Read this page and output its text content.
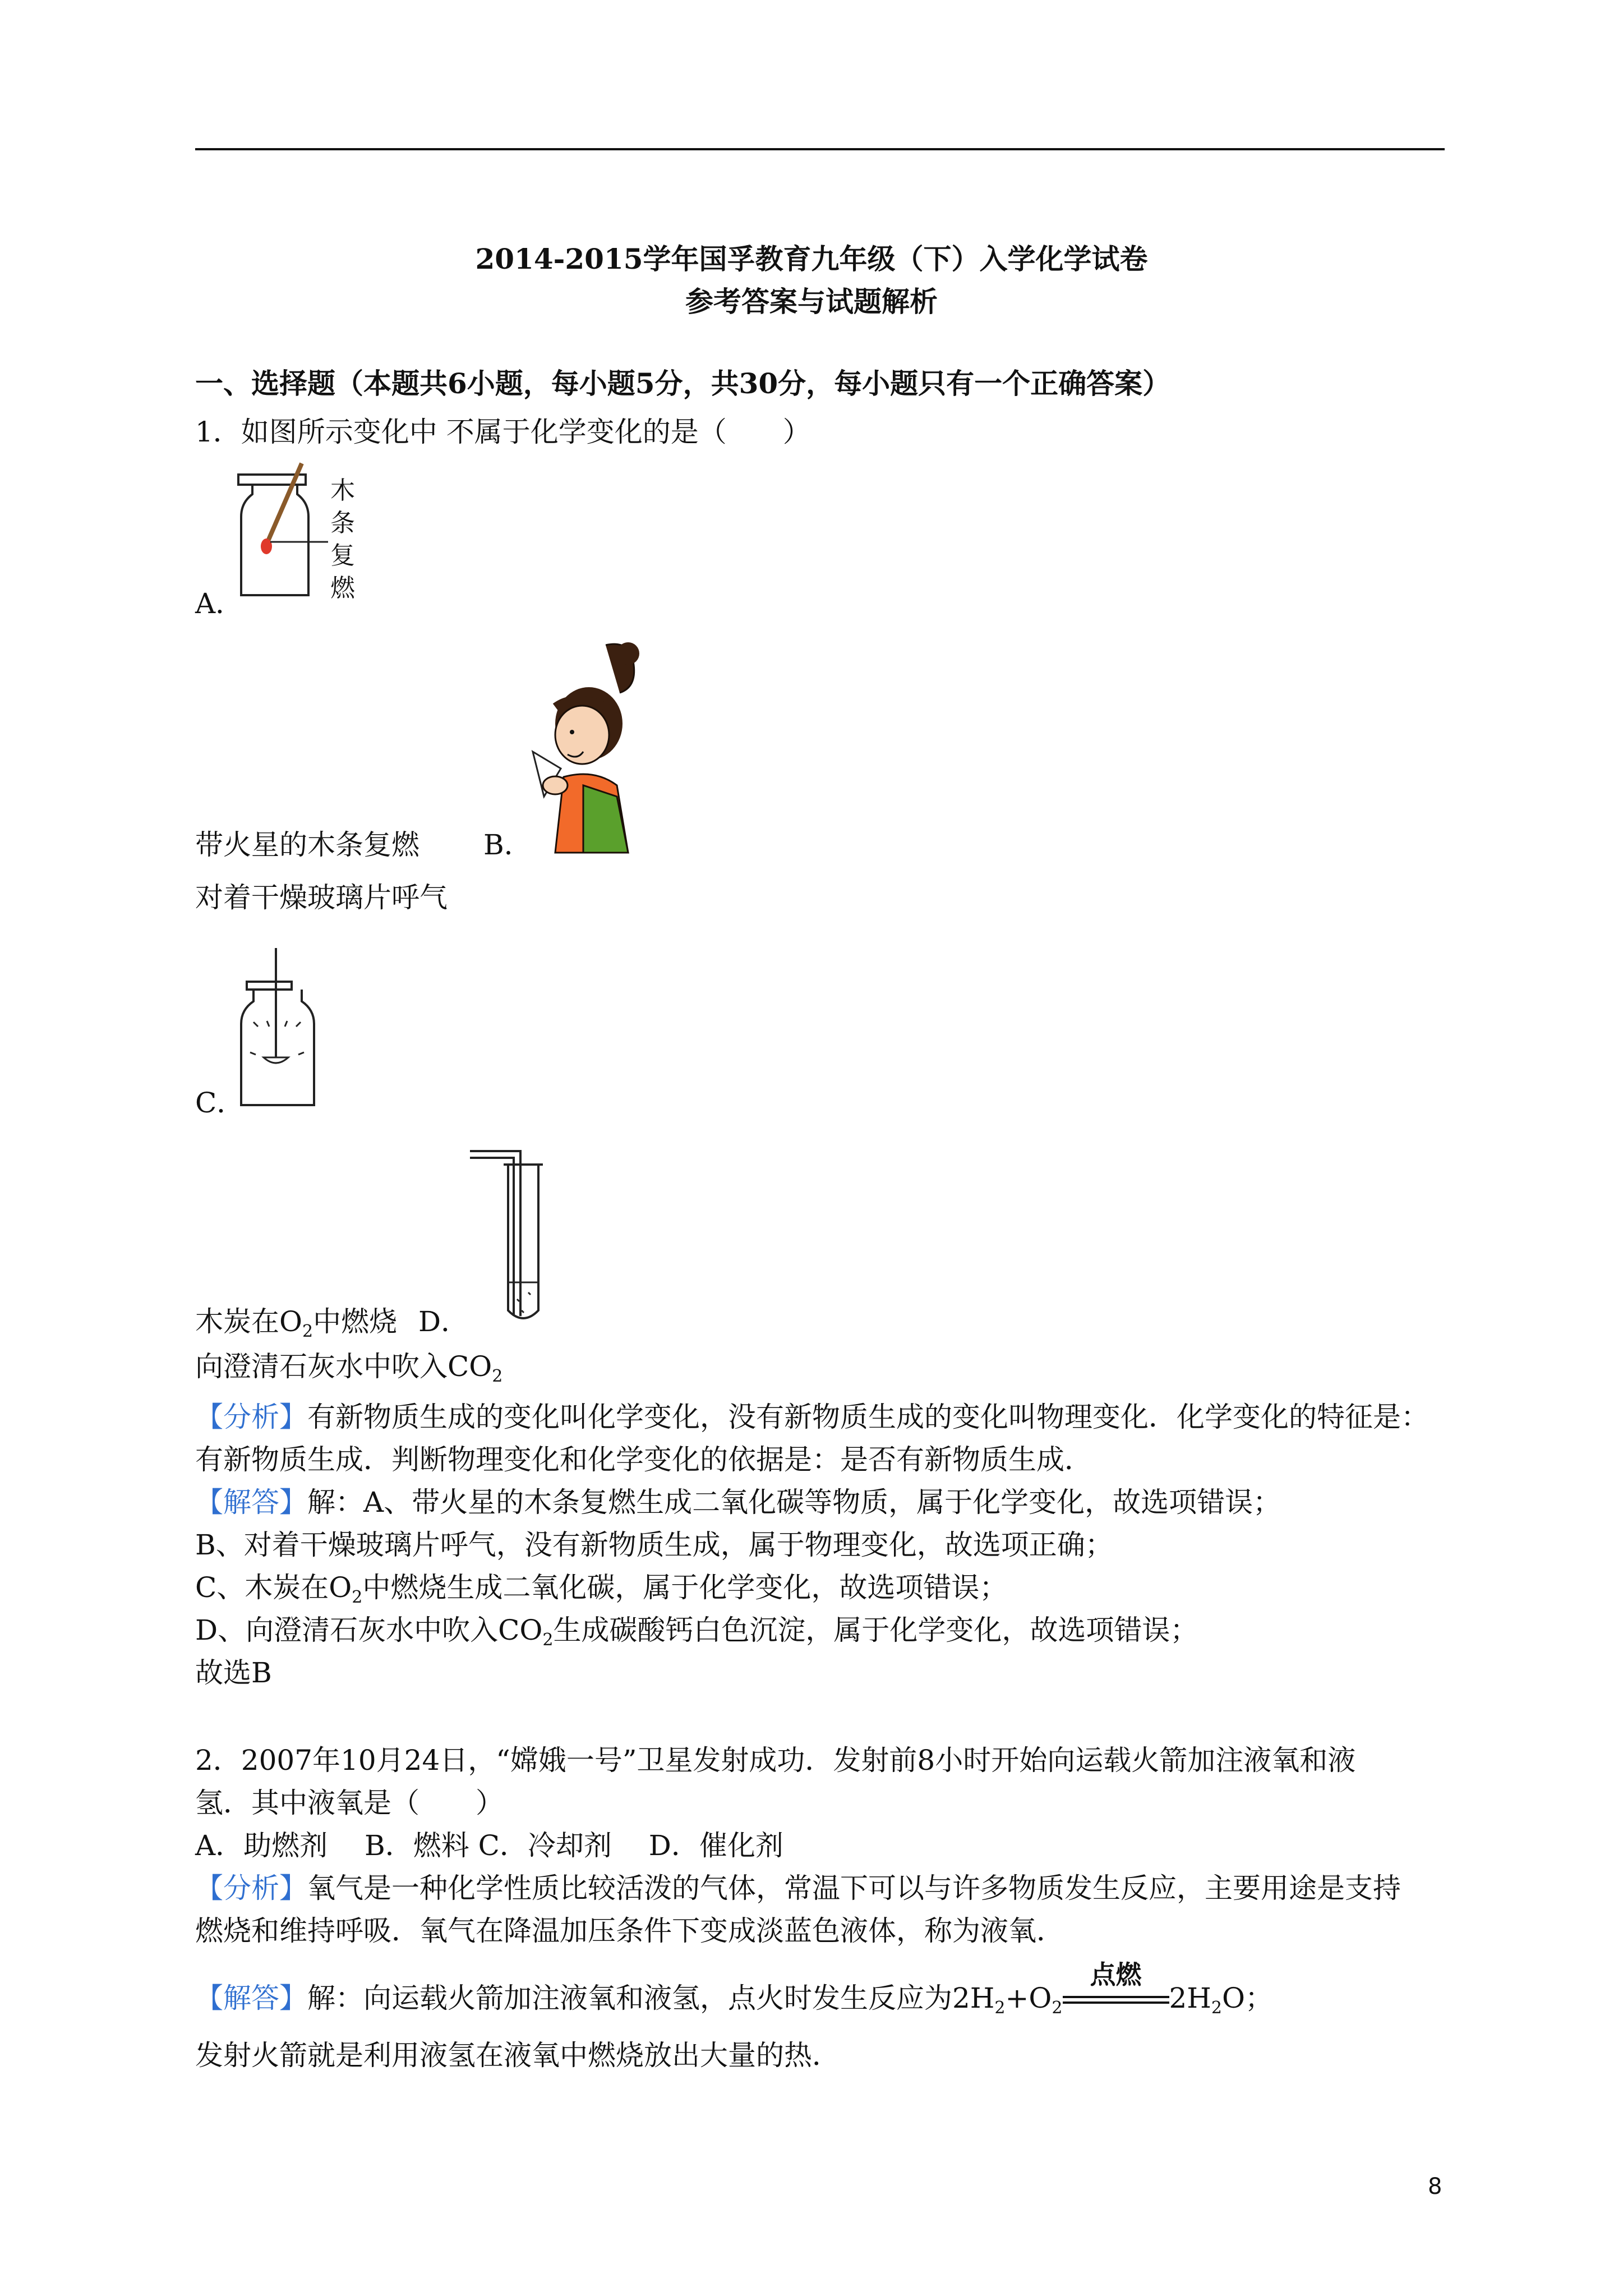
2014-2015学年国孚教育九年级（下）入学化学试卷
参考答案与试题解析
一、选择题（本题共6小题，每小题5分，共30分，每小题只有一个正确答案）
1．如图所示变化中 不属于化学变化的是（　　）
木
条
复
燃
A．
带火星的木条复燃 B．
对着干燥玻璃片呼气
C．
木炭在$O_2$中燃烧 D．
向澄清石灰水中吹入$CO_2$
【分析】有新物质生成的变化叫化学变化，没有新物质生成的变化叫物理变化．化学变化的特征是：
有新物质生成．判断物理变化和化学变化的依据是：是否有新物质生成．
【解答】解：A、带火星的木条复燃生成二氧化碳等物质，属于化学变化，故选项错误；
B、对着干燥玻璃片呼气，没有新物质生成，属于物理变化，故选项正确；
C、木炭在$O_2$中燃烧生成二氧化碳，属于化学变化，故选项错误；
D、向澄清石灰水中吹入$CO_2$生成碳酸钙白色沉淀，属于化学变化，故选项错误；
故选B
2．2007年10月24日，“嫦娥一号”卫星发射成功．发射前8小时开始向运载火箭加注液氧和液
氢．其中液氧是（　　）
A．助燃剂　 B．燃料 C．冷却剂　 D．催化剂
【分析】氧气是一种化学性质比较活泼的气体，常温下可以与许多物质发生反应，主要用途是支持
燃烧和维持呼吸．氧气在降温加压条件下变成淡蓝色液体，称为液氧．
【解答】解：向运载火箭加注液氧和液氢，点火时发生反应为$2H_2+O_2$
点燃
$2H_2O$；
发射火箭就是利用液氢在液氧中燃烧放出大量的热．
8
